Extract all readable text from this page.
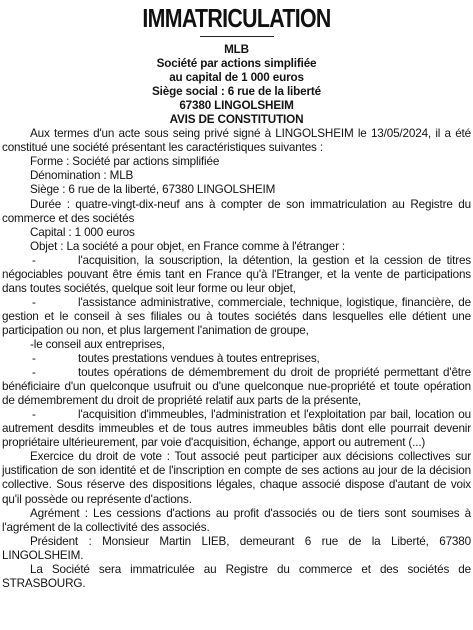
IMMATRICULATION
MLB
Société par actions simplifiée
au capital de 1 000 euros
Siège social : 6 rue de la liberté
67380 LINGOLSHEIM
AVIS DE CONSTITUTION

Aux termes d'un acte sous seing privé signé à LINGOLSHEIM le 13/05/2024, il a été constitué une société présentant les caractéristiques suivantes :

Forme : Société par actions simplifiée

Dénomination : MLB

Siège : 6 rue de la liberté, 67380 LINGOLSHEIM

Durée : quatre-vingt-dix-neuf ans à compter de son immatriculation au Registre du commerce et des sociétés

Capital : 1 000 euros

Objet : La société a pour objet, en France comme à l'étranger :

-	l'acquisition, la souscription, la détention, la gestion et la cession de titres négociables pouvant être émis tant en France qu'à l'Etranger, et la vente de participations dans toutes sociétés, quelque soit leur forme ou leur objet,

-	l'assistance administrative, commerciale, technique, logistique, financière, de gestion et le conseil à ses filiales ou à toutes sociétés dans lesquelles elle détient une participation ou non, et plus largement l'animation de groupe,

-le conseil aux entreprises,

-	toutes prestations vendues à toutes entreprises,

-	toutes opérations de démembrement du droit de propriété permettant d'être bénéficiaire d'un quelconque usufruit ou d'une quelconque nue-propriété et toute opération de démembrement du droit de propriété relatif aux parts de la présente,

-	l'acquisition d'immeubles, l'administration et l'exploitation par bail, location ou autrement desdits immeubles et de tous autres immeubles bâtis dont elle pourrait devenir propriétaire ultérieurement, par voie d'acquisition, échange, apport ou autrement (...)

Exercice du droit de vote : Tout associé peut participer aux décisions collectives sur justification de son identité et de l'inscription en compte de ses actions au jour de la décision collective. Sous réserve des dispositions légales, chaque associé dispose d'autant de voix qu'il possède ou représente d'actions.

Agrément : Les cessions d'actions au profit d'associés ou de tiers sont soumises à l'agrément de la collectivité des associés.

Président : Monsieur Martin LIEB, demeurant 6 rue de la Liberté, 67380 LINGOLSHEIM.

La Société sera immatriculée au Registre du commerce et des sociétés de STRASBOURG.
